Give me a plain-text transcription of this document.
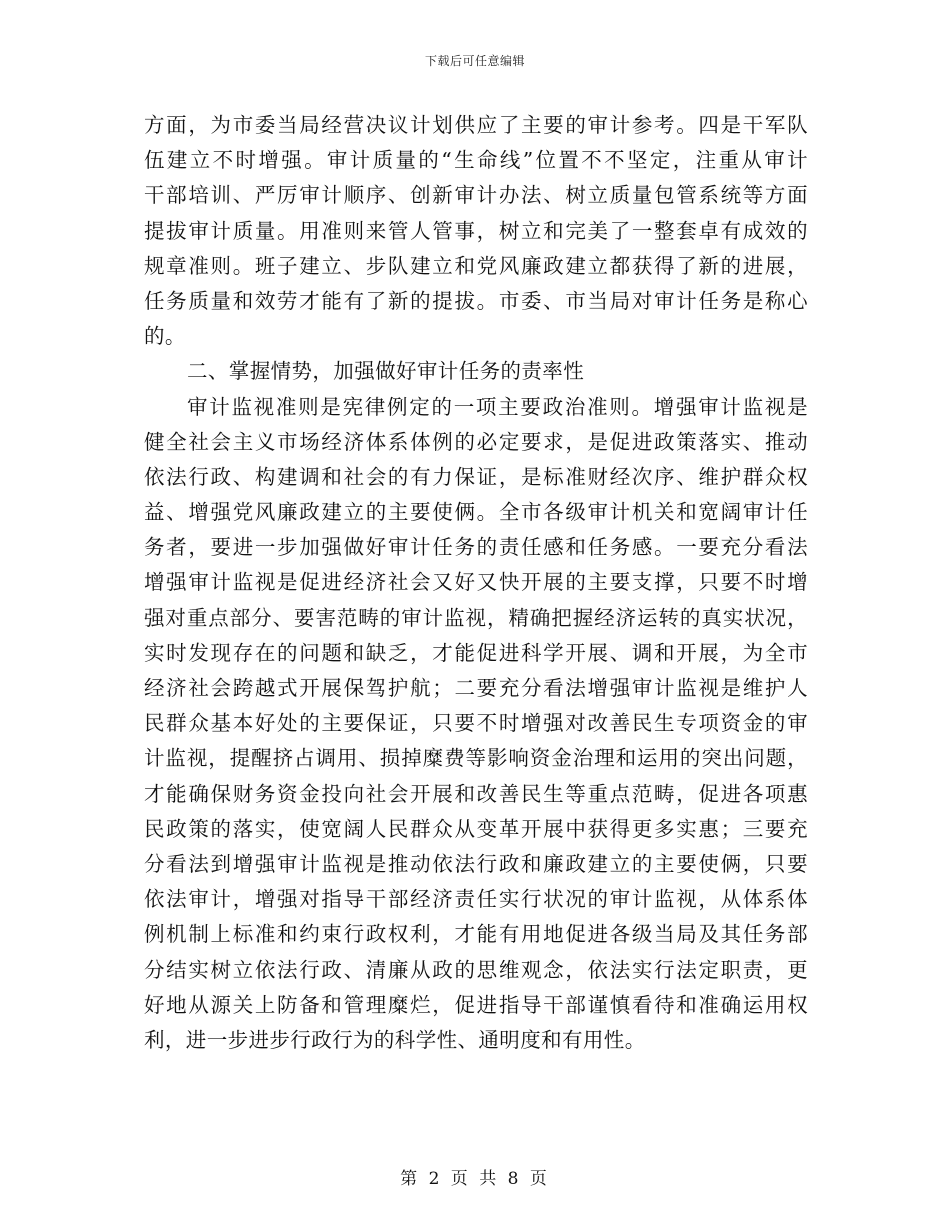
下载后可任意编辑
方面，为市委当局经营决议计划供应了主要的审计参考。四是干军队
伍建立不时增强。审计质量的“生命线”位置不不坚定，注重从审计
干部培训、严厉审计顺序、创新审计办法、树立质量包管系统等方面
提拔审计质量。用准则来管人管事，树立和完美了一整套卓有成效的
规章准则。班子建立、步队建立和党风廉政建立都获得了新的进展，
任务质量和效劳才能有了新的提拔。市委、市当局对审计任务是称心
的。
二、掌握情势，加强做好审计任务的责率性
审计监视准则是宪律例定的一项主要政治准则。增强审计监视是
健全社会主义市场经济体系体例的必定要求，是促进政策落实、推动
依法行政、构建调和社会的有力保证，是标准财经次序、维护群众权
益、增强党风廉政建立的主要使俩。全市各级审计机关和宽阔审计任
务者，要进一步加强做好审计任务的责任感和任务感。一要充分看法
增强审计监视是促进经济社会又好又快开展的主要支撑，只要不时增
强对重点部分、要害范畴的审计监视，精确把握经济运转的真实状况，
实时发现存在的问题和缺乏，才能促进科学开展、调和开展，为全市
经济社会跨越式开展保驾护航；二要充分看法增强审计监视是维护人
民群众基本好处的主要保证，只要不时增强对改善民生专项资金的审
计监视，提醒挤占调用、损掉糜费等影响资金治理和运用的突出问题，
才能确保财务资金投向社会开展和改善民生等重点范畴，促进各项惠
民政策的落实，使宽阔人民群众从变革开展中获得更多实惠；三要充
分看法到增强审计监视是推动依法行政和廉政建立的主要使俩，只要
依法审计，增强对指导干部经济责任实行状况的审计监视，从体系体
例机制上标准和约束行政权利，才能有用地促进各级当局及其任务部
分结实树立依法行政、清廉从政的思维观念，依法实行法定职责，更
好地从源关上防备和管理糜烂，促进指导干部谨慎看待和准确运用权
利，进一步进步行政行为的科学性、通明度和有用性。
第 2 页 共 8 页
